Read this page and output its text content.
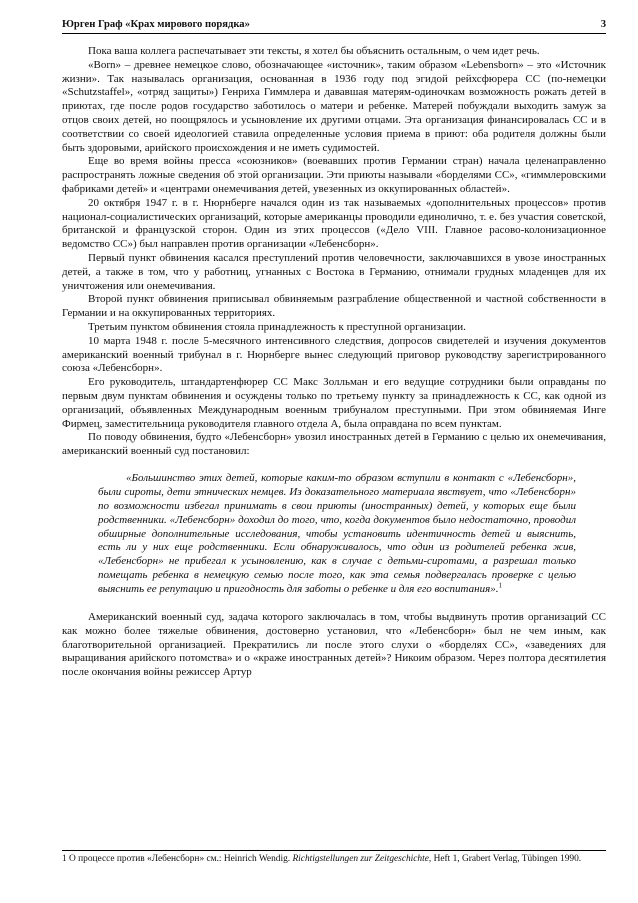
Юрген Граф «Крах мирового порядка»	3

Пока ваша коллега распечатывает эти тексты, я хотел бы объяснить остальным, о чем идет речь.

«Born» – древнее немецкое слово, обозначающее «источник», таким образом «Lebensborn» – это «Источник жизни». Так называлась организация, основанная в 1936 году под эгидой рейхсфюрера СС (по-немецки «Schutzstaffel», «отряд защиты») Генриха Гиммлера и дававшая матерям-одиночкам возможность рожать детей в приютах, где после родов государство заботилось о матери и ребенке. Матерей побуждали выходить замуж за отцов своих детей, но поощрялось и усыновление их другими отцами. Эта организация финансировалась СС и в соответствии со своей идеологией ставила определенные условия приема в приют: оба родителя должны были быть здоровыми, арийского происхождения и не иметь судимостей.

Еще во время войны пресса «союзников» (воевавших против Германии стран) начала целенаправленно распространять ложные сведения об этой организации. Эти приюты называли «борделями СС», «гиммлеровскими фабриками детей» и «центрами онемечивания детей, увезенных из оккупированных областей».

20 октября 1947 г. в г. Нюрнберге начался один из так называемых «дополнительных процессов» против национал-социалистических организаций, которые американцы проводили единолично, т. е. без участия советской, британской и французской сторон. Один из этих процессов («Дело VIII. Главное расово-колонизационное ведомство СС») был направлен против организации «Лебенсборн».

Первый пункт обвинения касался преступлений против человечности, заключавшихся в увозе иностранных детей, а также в том, что у работниц, угнанных с Востока в Германию, отнимали грудных младенцев для их уничтожения или онемечивания.

Второй пункт обвинения приписывал обвиняемым разграбление общественной и частной собственности в Германии и на оккупированных территориях.

Третьим пунктом обвинения стояла принадлежность к преступной организации.

10 марта 1948 г. после 5-месячного интенсивного следствия, допросов свидетелей и изучения документов американский военный трибунал в г. Нюрнберге вынес следующий приговор руководству зарегистрированного союза «Лебенсборн».

Его руководитель, штандартенфюрер СС Макс Золльман и его ведущие сотрудники были оправданы по первым двум пунктам обвинения и осуждены только по третьему пункту за принадлежность к СС, как одной из организаций, объявленных Международным военным трибуналом преступными. При этом обвиняемая Инге Фирмец, заместительница руководителя главного отдела А, была оправдана по всем пунктам.

По поводу обвинения, будто «Лебенсборн» увозил иностранных детей в Германию с целью их онемечивания, американский военный суд постановил:

«Большинство этих детей, которые каким-то образом вступили в контакт с «Лебенсборн», были сироты, дети этнических немцев. Из доказательного материала явствует, что «Лебенсборн» по возможности избегал принимать в свои приюты (иностранных) детей, у которых еще были родственники. «Лебенсборн» доходил до того, что, когда документов было недостаточно, проводил обширные дополнительные исследования, чтобы установить идентичность детей и выяснить, есть ли у них еще родственники. Если обнаруживалось, что один из родителей ребенка жив, «Лебенсборн» не прибегал к усыновлению, как в случае с детьми-сиротами, а разрешал только помещать ребенка в немецкую семью после того, как эта семья подвергалась проверке с целью выяснить ее репутацию и пригодность для заботы о ребенке и для его воспитания».$^1$

Американский военный суд, задача которого заключалась в том, чтобы выдвинуть против организаций СС как можно более тяжелые обвинения, достоверно установил, что «Лебенсборн» был не чем иным, как благотворительной организацией. Прекратились ли после этого слухи о «борделях СС», «заведениях для выращивания арийского потомства» и о «краже иностранных детей»? Никоим образом. Через полтора десятилетия после окончания войны режиссер Артур

1 О процессе против «Лебенсборн» см.: Heinrich Wendig. Richtigstellungen zur Zeitgeschichte, Heft 1, Grabert Verlag, Tübingen 1990.
